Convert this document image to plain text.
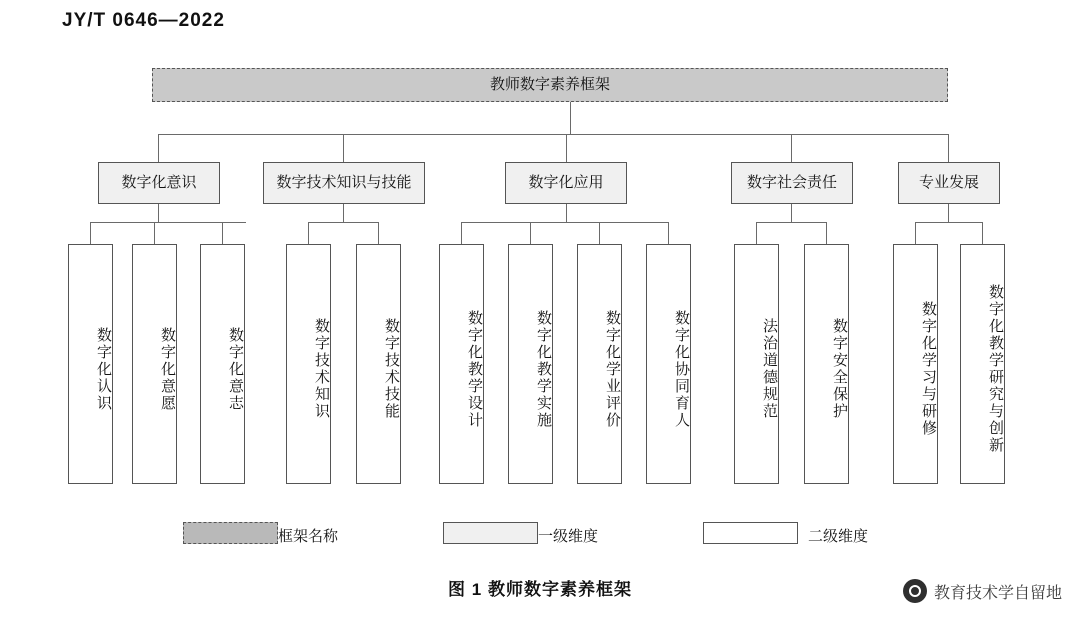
JY/T 0646—2022
教师数字素养框架
数字化意识	数字技术知识与技能	数字化应用	数字社会责任	专业发展
数字化认识	数字化意愿	数字化意志	数字技术知识	数字技术技能	数字化教学设计	数字化教学实施	数字化学业评价	数字化协同育人	法治道德规范	数字安全保护	数字化学习与研修	数字化教学研究与创新
框架名称	一级维度	二级维度
图 1 教师数字素养框架	教育技术学自留地
